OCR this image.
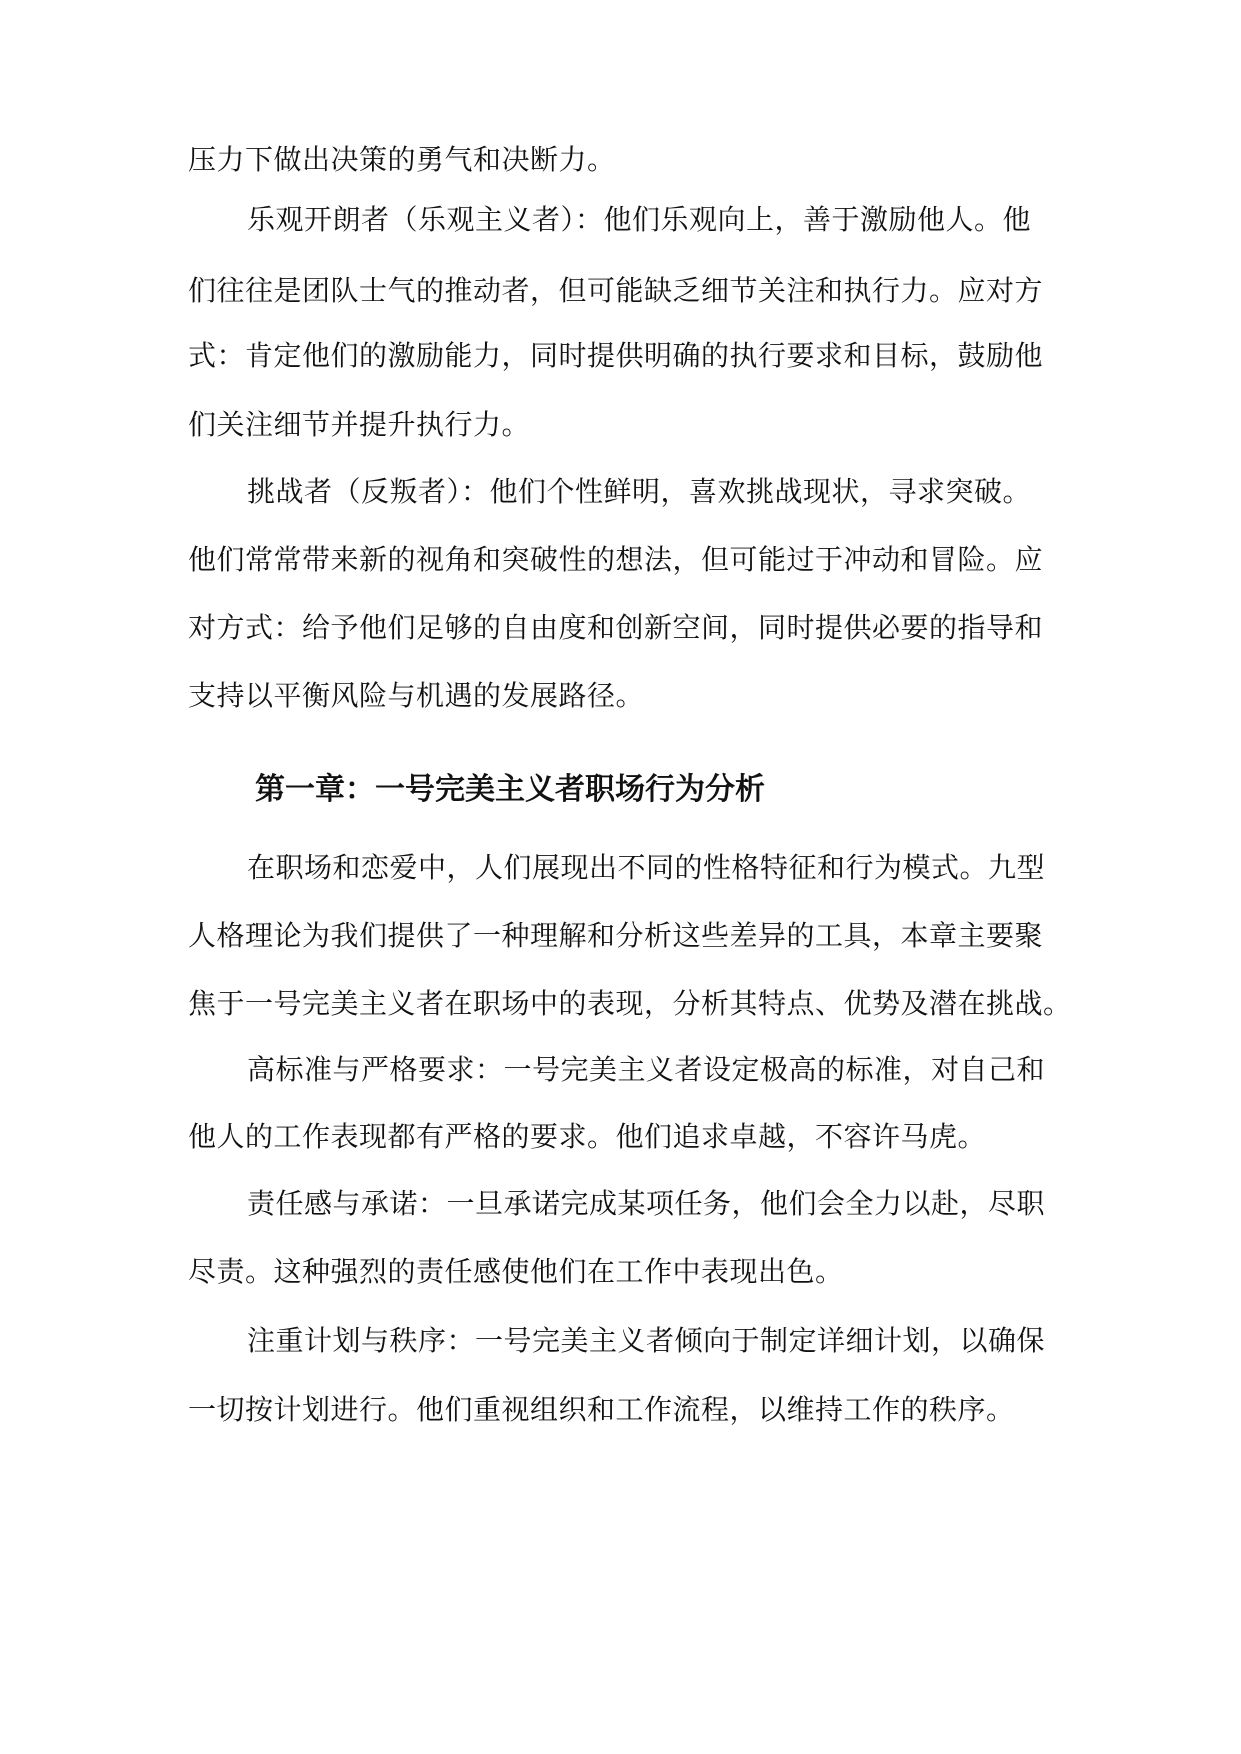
压力下做出决策的勇气和决断力。
乐观开朗者（乐观主义者）：他们乐观向上，善于激励他人。他
们往往是团队士气的推动者，但可能缺乏细节关注和执行力。应对方
式：肯定他们的激励能力，同时提供明确的执行要求和目标，鼓励他
们关注细节并提升执行力。
挑战者（反叛者）：他们个性鲜明，喜欢挑战现状，寻求突破。
他们常常带来新的视角和突破性的想法，但可能过于冲动和冒险。应
对方式：给予他们足够的自由度和创新空间，同时提供必要的指导和
支持以平衡风险与机遇的发展路径。
第一章：一号完美主义者职场行为分析
在职场和恋爱中，人们展现出不同的性格特征和行为模式。九型
人格理论为我们提供了一种理解和分析这些差异的工具，本章主要聚
焦于一号完美主义者在职场中的表现，分析其特点、优势及潜在挑战。
高标准与严格要求：一号完美主义者设定极高的标准，对自己和
他人的工作表现都有严格的要求。他们追求卓越，不容许马虎。
责任感与承诺：一旦承诺完成某项任务，他们会全力以赴，尽职
尽责。这种强烈的责任感使他们在工作中表现出色。
注重计划与秩序：一号完美主义者倾向于制定详细计划，以确保
一切按计划进行。他们重视组织和工作流程，以维持工作的秩序。
